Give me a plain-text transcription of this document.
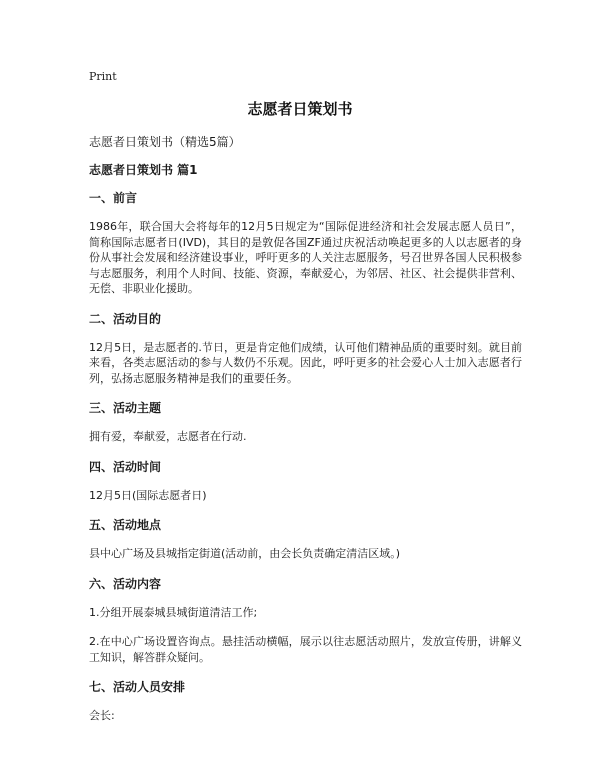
Print
志愿者日策划书

志愿者日策划书（精选5篇）

志愿者日策划书 篇1

一、前言

1986年，联合国大会将每年的12月5日规定为“国际促进经济和社会发展志愿人员日”，简称国际志愿者日(IVD)，其目的是敦促各国ZF通过庆祝活动唤起更多的人以志愿者的身份从事社会发展和经济建设事业，呼吁更多的人关注志愿服务，号召世界各国人民积极参与志愿服务，利用个人时间、技能、资源，奉献爱心，为邻居、社区、社会提供非营利、无偿、非职业化援助。

二、活动目的

12月5日，是志愿者的.节日，更是肯定他们成绩，认可他们精神品质的重要时刻。就目前来看，各类志愿活动的参与人数仍不乐观。因此，呼吁更多的社会爱心人士加入志愿者行列，弘扬志愿服务精神是我们的重要任务。

三、活动主题

拥有爱，奉献爱，志愿者在行动.

四、活动时间

12月5日(国际志愿者日)

五、活动地点

县中心广场及县城指定街道(活动前，由会长负责确定清洁区域。)

六、活动内容

1.分组开展泰城县城街道清洁工作;

2.在中心广场设置咨询点。悬挂活动横幅，展示以往志愿活动照片，发放宣传册，讲解义工知识，解答群众疑问。

七、活动人员安排

会长:
